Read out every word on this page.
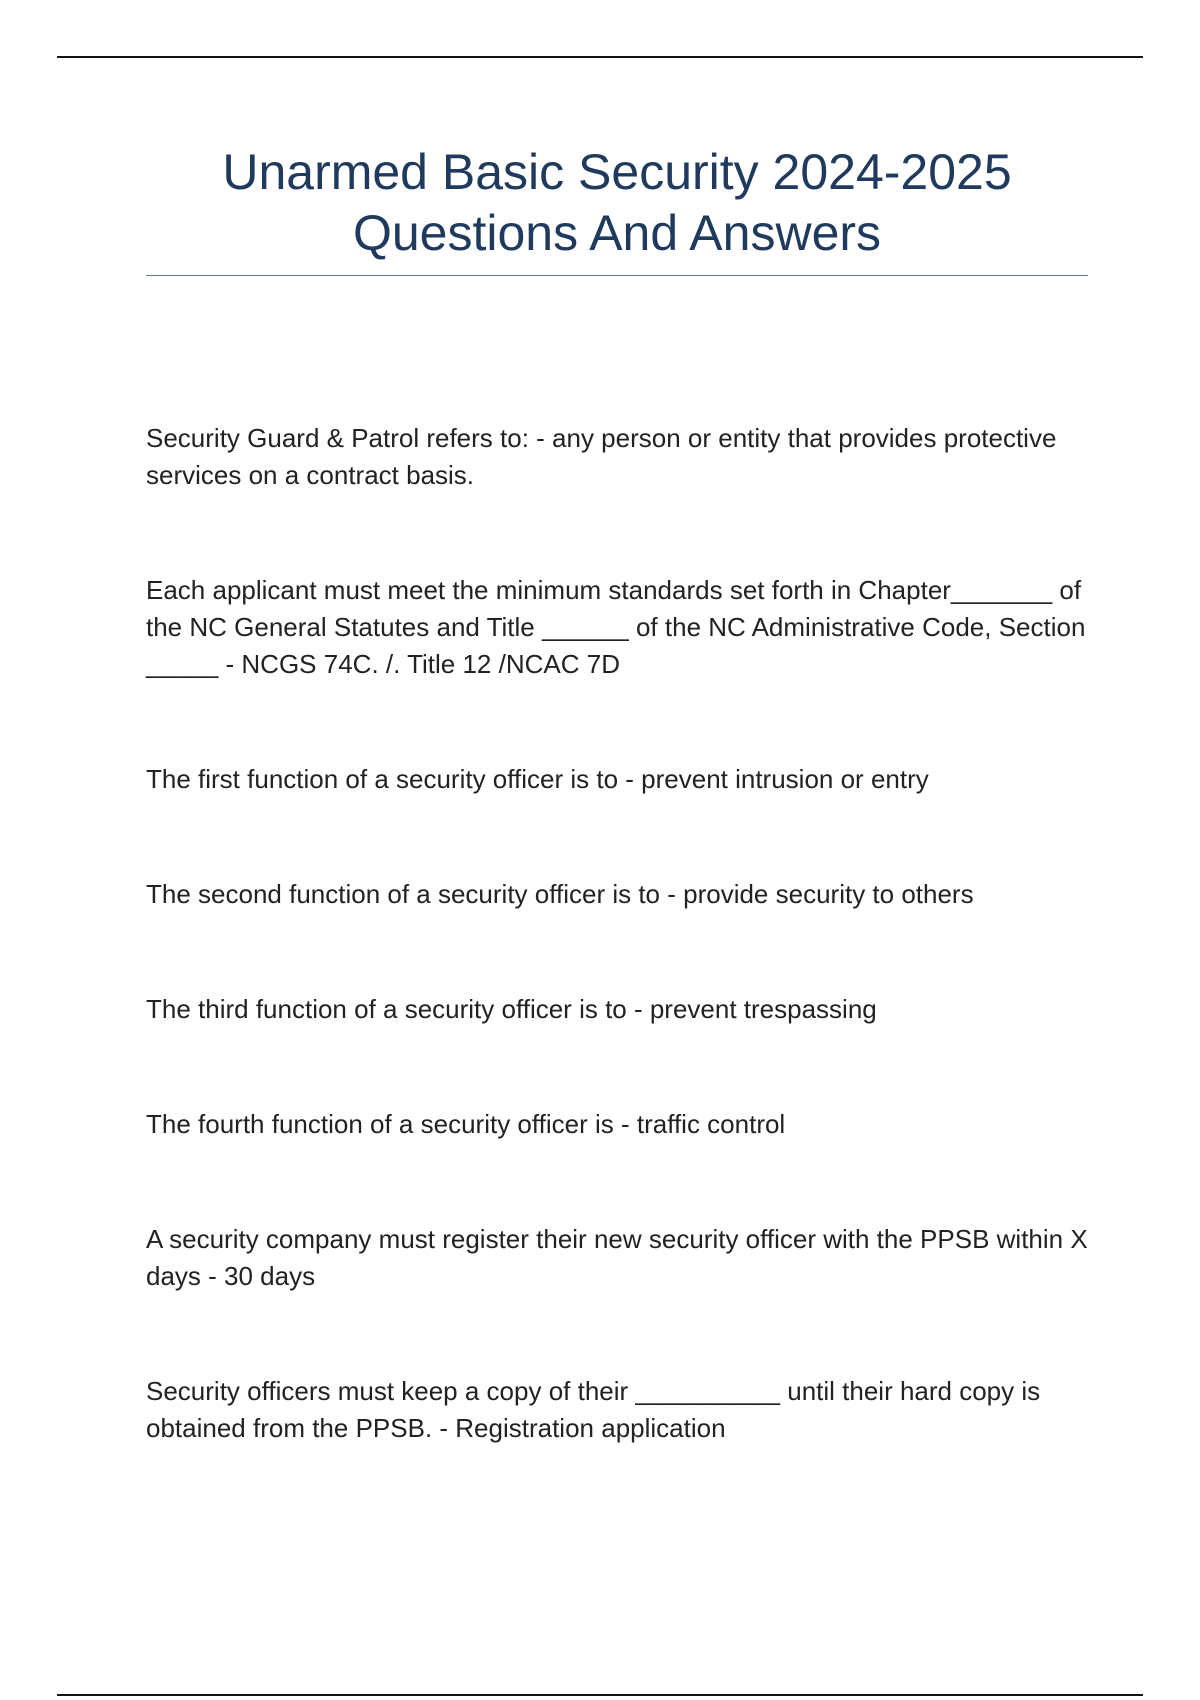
Unarmed Basic Security 2024-2025
Questions And Answers

Security Guard & Patrol refers to: - any person or entity that provides protective services on a contract basis.

Each applicant must meet the minimum standards set forth in Chapter_______ of the NC General Statutes and Title ______ of the NC Administrative Code, Section _____ - NCGS 74C. /. Title 12 /NCAC 7D

The first function of a security officer is to - prevent intrusion or entry

The second function of a security officer is to - provide security to others

The third function of a security officer is to - prevent trespassing

The fourth function of a security officer is - traffic control

A security company must register their new security officer with the PPSB within X days - 30 days

Security officers must keep a copy of their __________ until their hard copy is obtained from the PPSB. - Registration application
